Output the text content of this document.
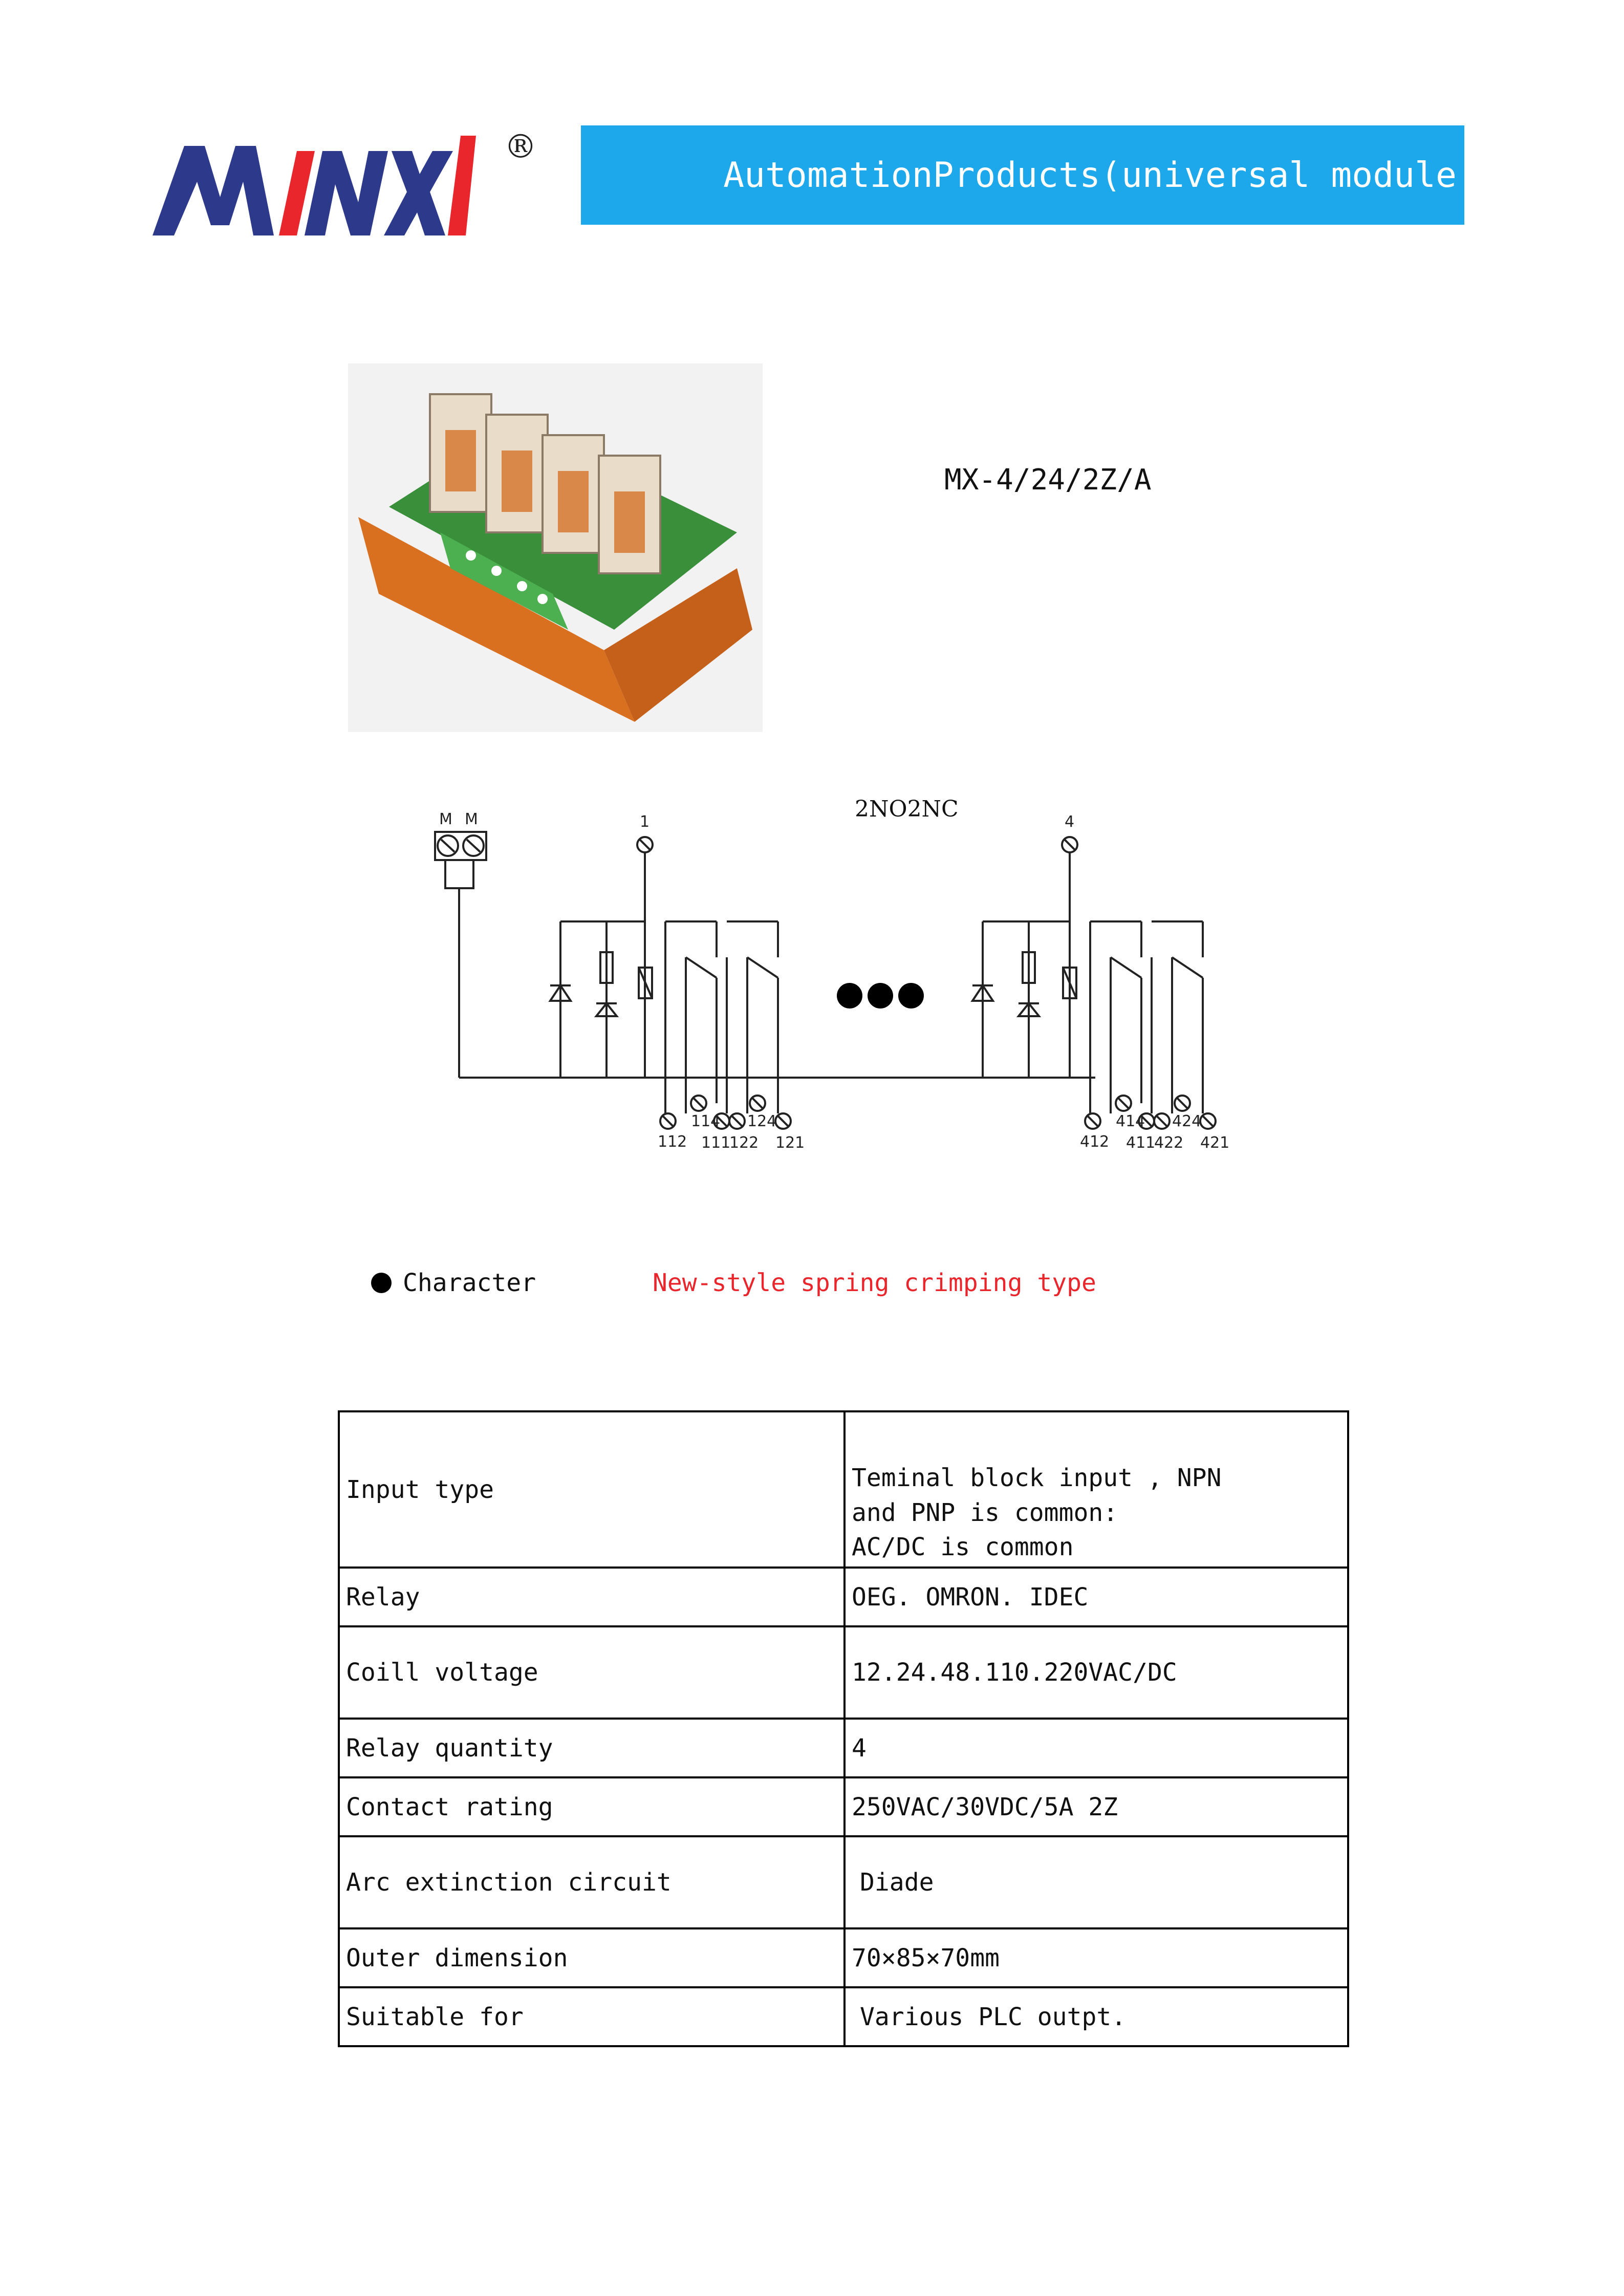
®
AutomationProducts(universal module
MX-4/24/2Z/A
M M	1	4
112
114
111
122
124
121	412
414
411
422
424
421
2NO2NC
Character	New-style spring crimping type
Input type	Teminal block input , NPN
and PNP is common:
AC/DC is common
Relay	OEG. OMRON. IDEC
Coill voltage	12.24.48.110.220VAC/DC
Relay quantity	4
Contact rating	250VAC/30VDC/5A 2Z
Arc extinction circuit	Diade
Outer dimension	70×85×70mm
Suitable for	Various PLC outpt.
